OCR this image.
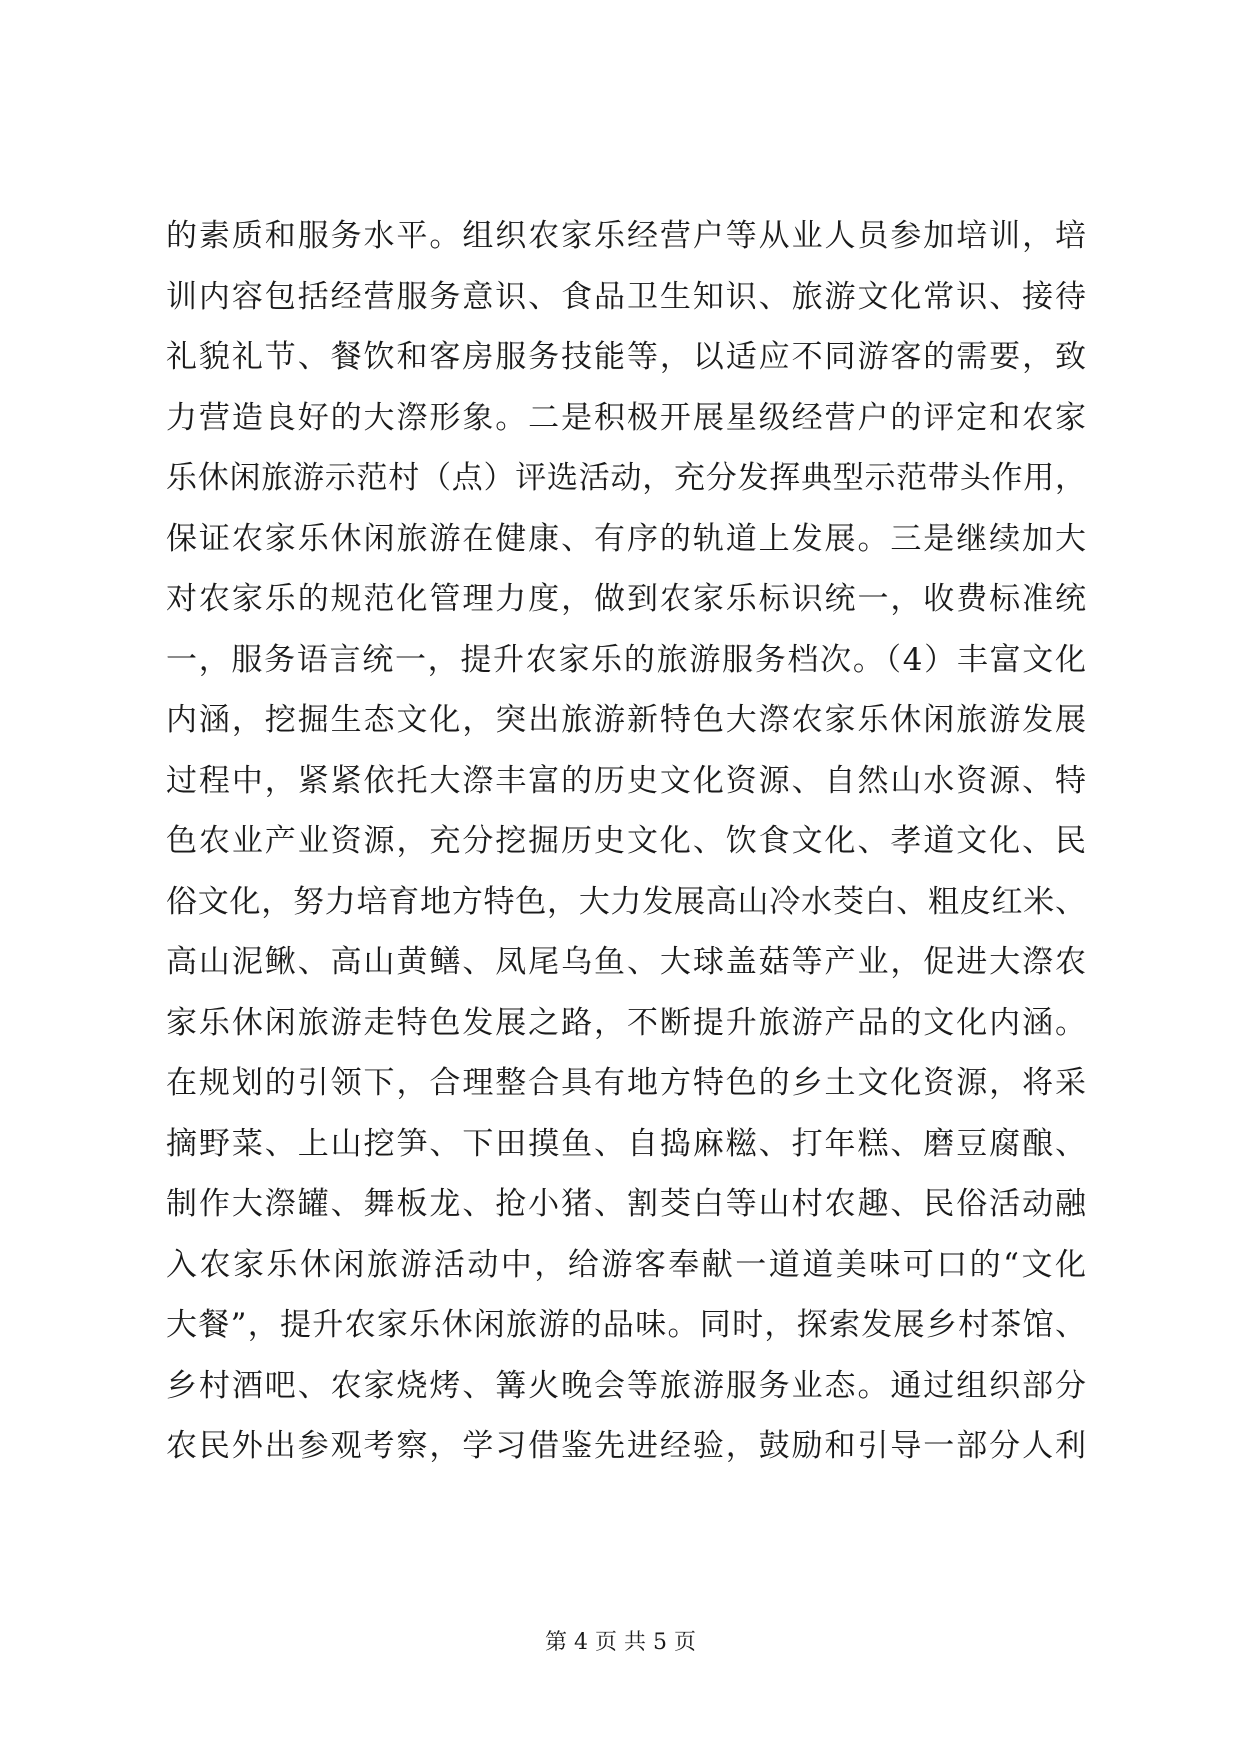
的素质和服务水平。组织农家乐经营户等从业人员参加培训，培
训内容包括经营服务意识、食品卫生知识、旅游文化常识、接待
礼貌礼节、餐饮和客房服务技能等，以适应不同游客的需要，致
力营造良好的大漈形象。二是积极开展星级经营户的评定和农家
乐休闲旅游示范村（点）评选活动，充分发挥典型示范带头作用，
保证农家乐休闲旅游在健康、有序的轨道上发展。三是继续加大
对农家乐的规范化管理力度，做到农家乐标识统一，收费标准统
一，服务语言统一，提升农家乐的旅游服务档次。（4）丰富文化
内涵，挖掘生态文化，突出旅游新特色大漈农家乐休闲旅游发展
过程中，紧紧依托大漈丰富的历史文化资源、自然山水资源、特
色农业产业资源，充分挖掘历史文化、饮食文化、孝道文化、民
俗文化，努力培育地方特色，大力发展高山冷水茭白、粗皮红米、
高山泥鳅、高山黄鳝、凤尾乌鱼、大球盖菇等产业，促进大漈农
家乐休闲旅游走特色发展之路，不断提升旅游产品的文化内涵。
在规划的引领下，合理整合具有地方特色的乡土文化资源，将采
摘野菜、上山挖笋、下田摸鱼、自捣麻糍、打年糕、磨豆腐酿、
制作大漈罐、舞板龙、抢小猪、割茭白等山村农趣、民俗活动融
入农家乐休闲旅游活动中，给游客奉献一道道美味可口的“文化
大餐”，提升农家乐休闲旅游的品味。同时，探索发展乡村茶馆、
乡村酒吧、农家烧烤、篝火晚会等旅游服务业态。通过组织部分
农民外出参观考察，学习借鉴先进经验，鼓励和引导一部分人利
第 4 页 共 5 页
